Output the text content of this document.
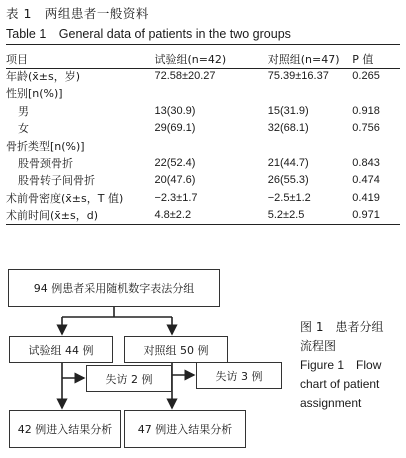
表 1　两组患者一般资料
Table 1　General data of patients in the two groups
项目	试验组(n=42)	对照组(n=47)	P 值
年龄(x̄±s，岁)	72.58±20.27	75.39±16.37	0.265
性别[n(%)]			
男	13(30.9)	15(31.9)	0.918
女	29(69.1)	32(68.1)	0.756
骨折类型[n(%)]			
股骨颈骨折	22(52.4)	21(44.7)	0.843
股骨转子间骨折	20(47.6)	26(55.3)	0.474
术前骨密度(x̄±s，T 值)	−2.3±1.7	−2.5±1.2	0.419
术前时间(x̄±s，d)	4.8±2.2	5.2±2.5	0.971
94 例患者采用随机数字表法分组
试验组 44 例	对照组 50 例
失访 2 例	失访 3 例
42 例进入结果分析	47 例进入结果分析
图 1　患者分组
流程图
Figure 1　Flow
chart of patient
assignment
